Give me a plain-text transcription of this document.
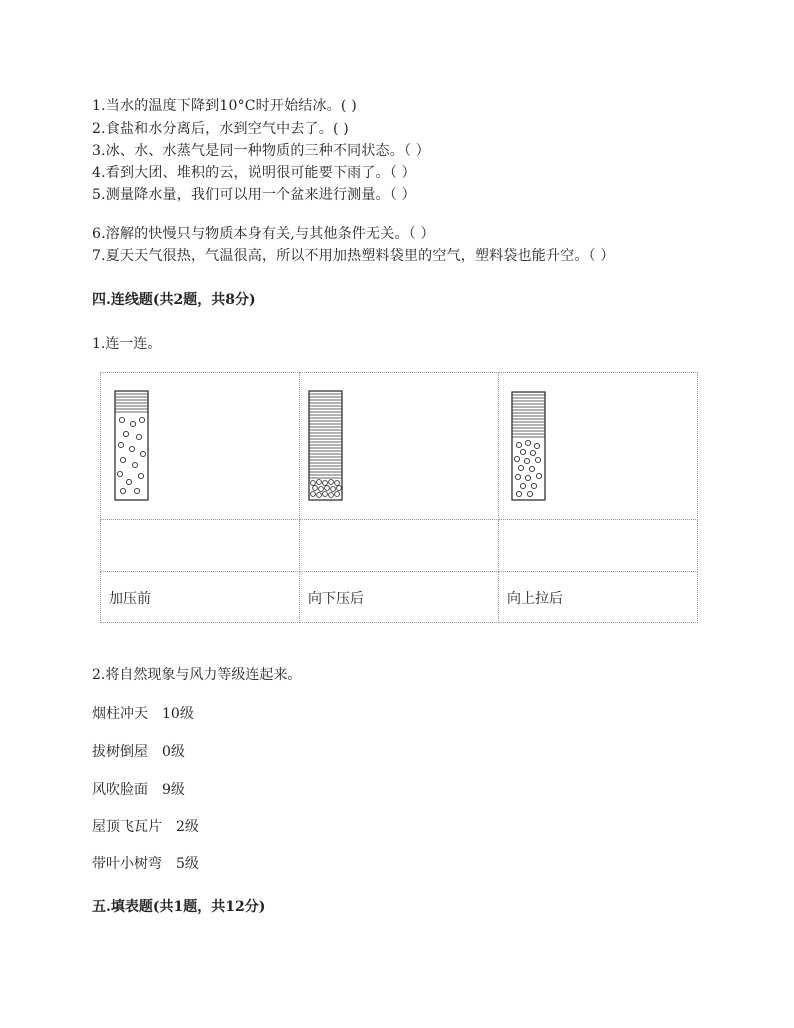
1.当水的温度下降到10°C时开始结冰。( )
2.食盐和水分离后，水到空气中去了。( )
3.冰、水、水蒸气是同一种物质的三种不同状态。（ ）
4.看到大团、堆积的云，说明很可能要下雨了。（ ）
5.测量降水量，我们可以用一个盆来进行测量。（ ）
6.溶解的快慢只与物质本身有关,与其他条件无关。（ ）
7.夏天天气很热，气温很高，所以不用加热塑料袋里的空气，塑料袋也能升空。（ ）
四.连线题(共2题，共8分)
1.连一连。

加压前	向下压后	向上拉后
2.将自然现象与风力等级连起来。
烟柱冲天 10级
拔树倒屋 0级
风吹脸面 9级
屋顶飞瓦片 2级
带叶小树弯 5级
五.填表题(共1题，共12分)
